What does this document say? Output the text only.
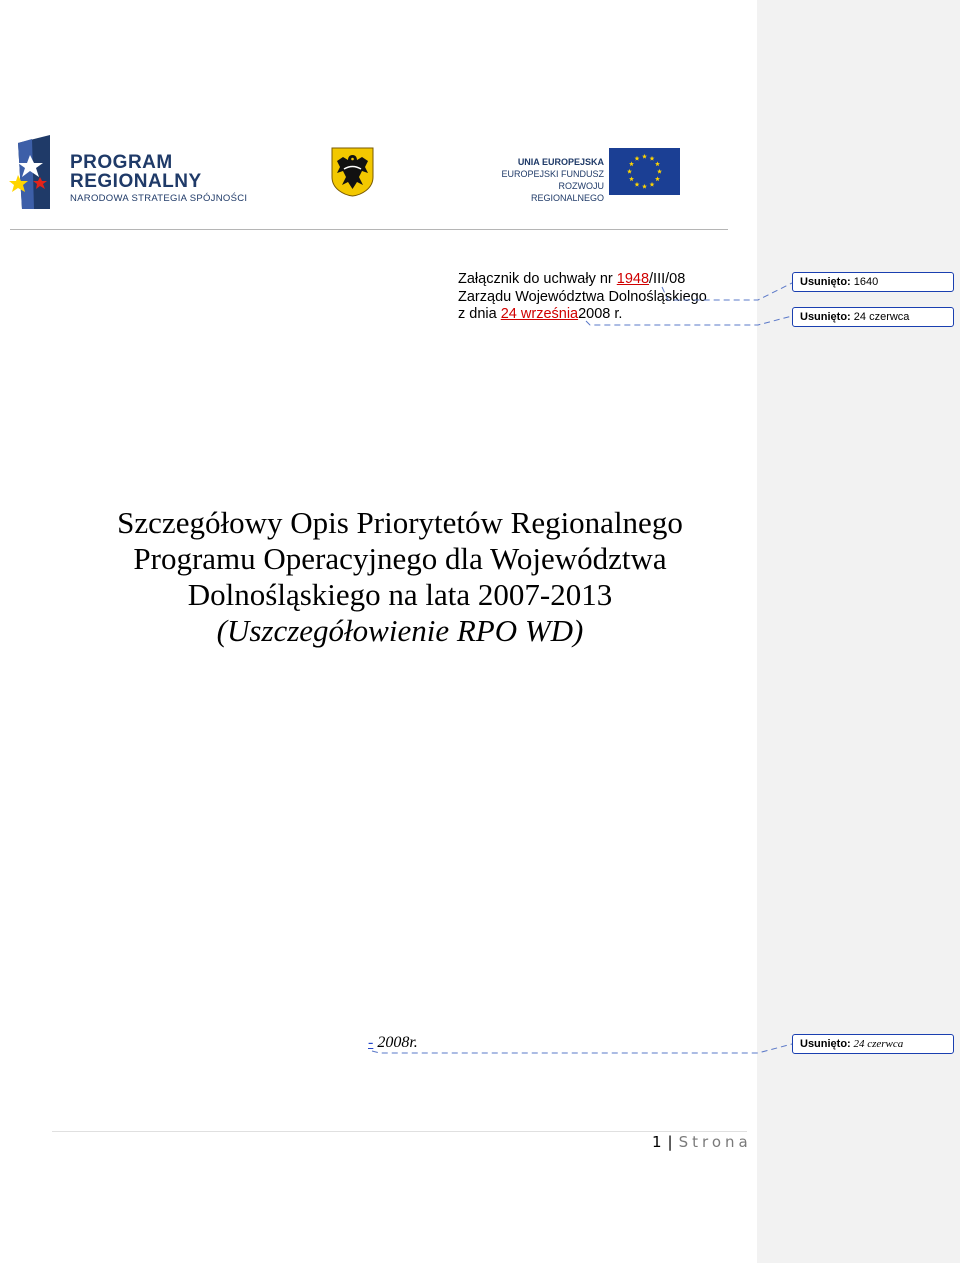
PROGRAM
REGIONALNY
NARODOWA STRATEGIA SPÓJNOŚCI
UNIA EUROPEJSKA
EUROPEJSKI FUNDUSZ
ROZWOJU REGIONALNEGO
Załącznik do uchwały nr 1948/III/08
Zarządu Województwa Dolnośląskiego
z dnia 24 września2008 r.
Szczegółowy Opis Priorytetów Regionalnego
Programu Operacyjnego dla Województwa
Dolnośląskiego na lata 2007-2013
(Uszczegółowienie RPO WD)
- 2008r.
1 | Strona
Usunięto: 1640
Usunięto: 24 czerwca
Usunięto: 24 czerwca
